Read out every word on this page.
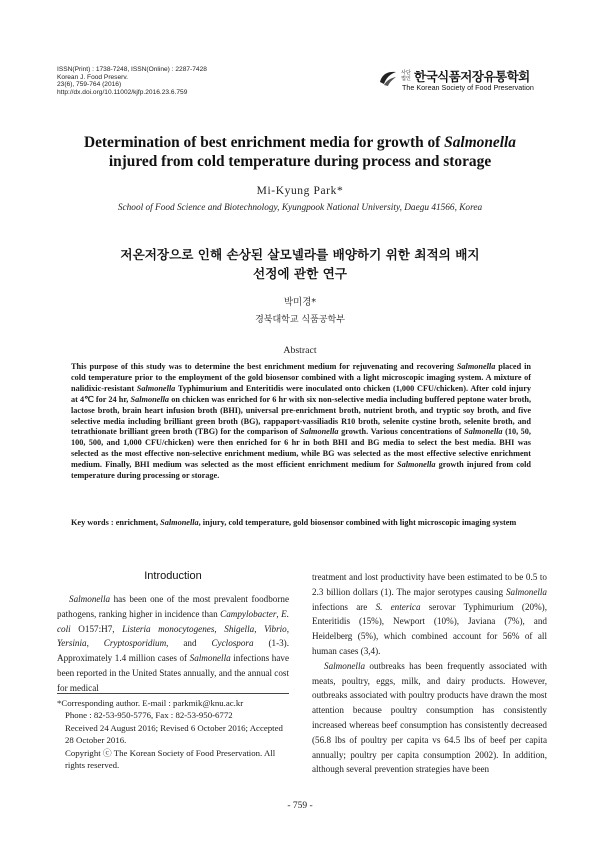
ISSN(Print) : 1738-7248, ISSN(Online) : 2287-7428
Korean J. Food Preserv.
23(6), 759-764 (2016)
http://dx.doi.org/10.11002/kjfp.2016.23.6.759
사단
법인 한국식품저장유통학회
The Korean Society of Food Preservation
Determination of best enrichment media for growth of Salmonella
injured from cold temperature during process and storage
Mi-Kyung Park*
School of Food Science and Biotechnology, Kyungpook National University, Daegu 41566, Korea
저온저장으로 인해 손상된 살모넬라를 배양하기 위한 최적의 배지
선정에 관한 연구
박미경*
경북대학교 식품공학부
Abstract

This purpose of this study was to determine the best enrichment medium for rejuvenating and recovering Salmonella placed in cold temperature prior to the employment of the gold biosensor combined with a light microscopic imaging system. A mixture of nalidixic-resistant Salmonella Typhimurium and Enteritidis were inoculated onto chicken (1,000 CFU/chicken). After cold injury at 4℃ for 24 hr, Salmonella on chicken was enriched for 6 hr with six non-selective media including buffered peptone water broth, lactose broth, brain heart infusion broth (BHI), universal pre-enrichment broth, nutrient broth, and tryptic soy broth, and five selective media including brilliant green broth (BG), rappaport-vassiliadis R10 broth, selenite cystine broth, selenite broth, and tetrathionate brilliant green broth (TBG) for the comparison of Salmonella growth. Various concentrations of Salmonella (10, 50, 100, 500, and 1,000 CFU/chicken) were then enriched for 6 hr in both BHI and BG media to select the best media. BHI was selected as the most effective non-selective enrichment medium, while BG was selected as the most effective selective enrichment medium. Finally, BHI medium was selected as the most efficient enrichment medium for Salmonella growth injured from cold temperature during processing or storage.

Key words : enrichment, Salmonella, injury, cold temperature, gold biosensor combined with light microscopic imaging system
Introduction

Salmonella has been one of the most prevalent foodborne pathogens, ranking higher in incidence than Campylobacter, E. coli O157:H7, Listeria monocytogenes, Shigella, Vibrio, Yersinia, Cryptosporidium, and Cyclospora (1-3). Approximately 1.4 million cases of Salmonella infections have been reported in the United States annually, and the annual cost for medical

*Corresponding author. E-mail : parkmik@knu.ac.kr
Phone : 82-53-950-5776, Fax : 82-53-950-6772
Received 24 August 2016; Revised 6 October 2016; Accepted 28 October 2016.
Copyright ⓒ The Korean Society of Food Preservation. All rights reserved.

treatment and lost productivity have been estimated to be 0.5 to 2.3 billion dollars (1). The major serotypes causing Salmonella infections are S. enterica serovar Typhimurium (20%), Enteritidis (15%), Newport (10%), Javiana (7%), and Heidelberg (5%), which combined account for 56% of all human cases (3,4).

Salmonella outbreaks has been frequently associated with meats, poultry, eggs, milk, and dairy products. However, outbreaks associated with poultry products have drawn the most attention because poultry consumption has consistently increased whereas beef consumption has consistently decreased (56.8 lbs of poultry per capita vs 64.5 lbs of beef per capita annually; poultry per capita consumption 2002). In addition, although several prevention strategies have been

- 759 -
